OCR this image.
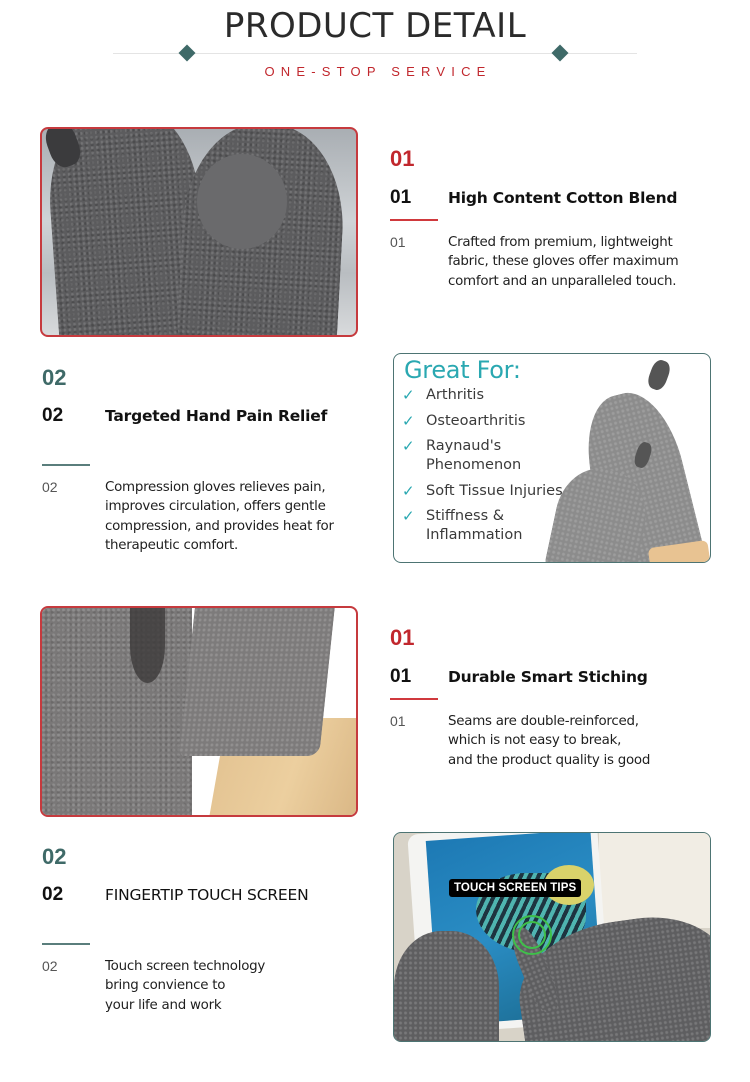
PRODUCT DETAIL
ONE-STOP SERVICE
01
01 High Content Cotton Blend
01	Crafted from premium, lightweight
fabric, these gloves offer maximum
comfort and an unparalleled touch.
02
02	Targeted Hand Pain Relief
02	Compression gloves relieves pain,
improves circulation, offers gentle
compression, and provides heat for
therapeutic comfort.
Great For:
✓ Arthritis
✓ Osteoarthritis
✓ Raynaud's
Phenomenon
✓ Soft Tissue Injuries
✓ Stiffness &
Inflammation
01
01 Durable Smart Stiching
01	Seams are double-reinforced,
which is not easy to break,
and the product quality is good
02
02	FINGERTIP TOUCH SCREEN
02	Touch screen technology
bring convience to
your life and work
TOUCH SCREEN TIPS
